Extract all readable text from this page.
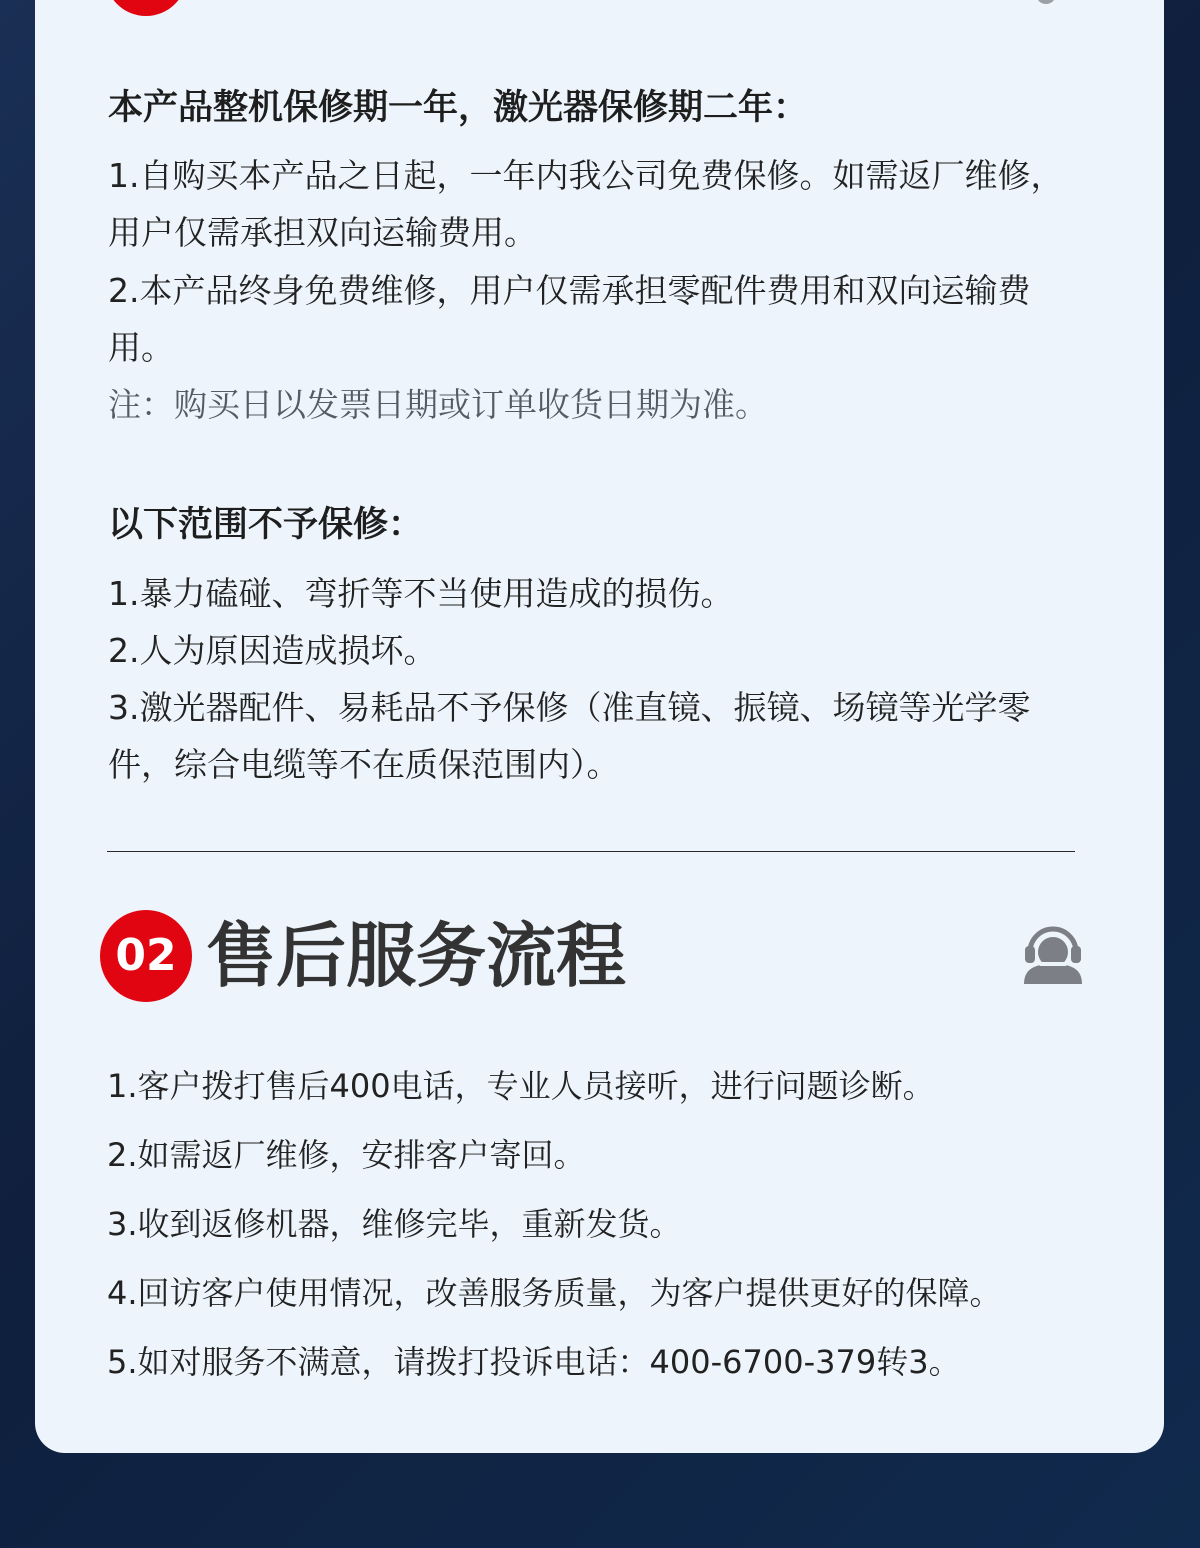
本产品整机保修期一年，激光器保修期二年：

1.自购买本产品之日起，一年内我公司免费保修。如需返厂维修，用户仅需承担双向运输费用。

2.本产品终身免费维修，用户仅需承担零配件费用和双向运输费用。

注：购买日以发票日期或订单收货日期为准。

以下范围不予保修：

1.暴力磕碰、弯折等不当使用造成的损伤。

2.人为原因造成损坏。

3.激光器配件、易耗品不予保修（准直镜、振镜、场镜等光学零件，综合电缆等不在质保范围内）。

02 售后服务流程

1.客户拨打售后400电话，专业人员接听，进行问题诊断。

2.如需返厂维修，安排客户寄回。

3.收到返修机器，维修完毕，重新发货。

4.回访客户使用情况，改善服务质量，为客户提供更好的保障。

5.如对服务不满意，请拨打投诉电话：400-6700-379转3。
